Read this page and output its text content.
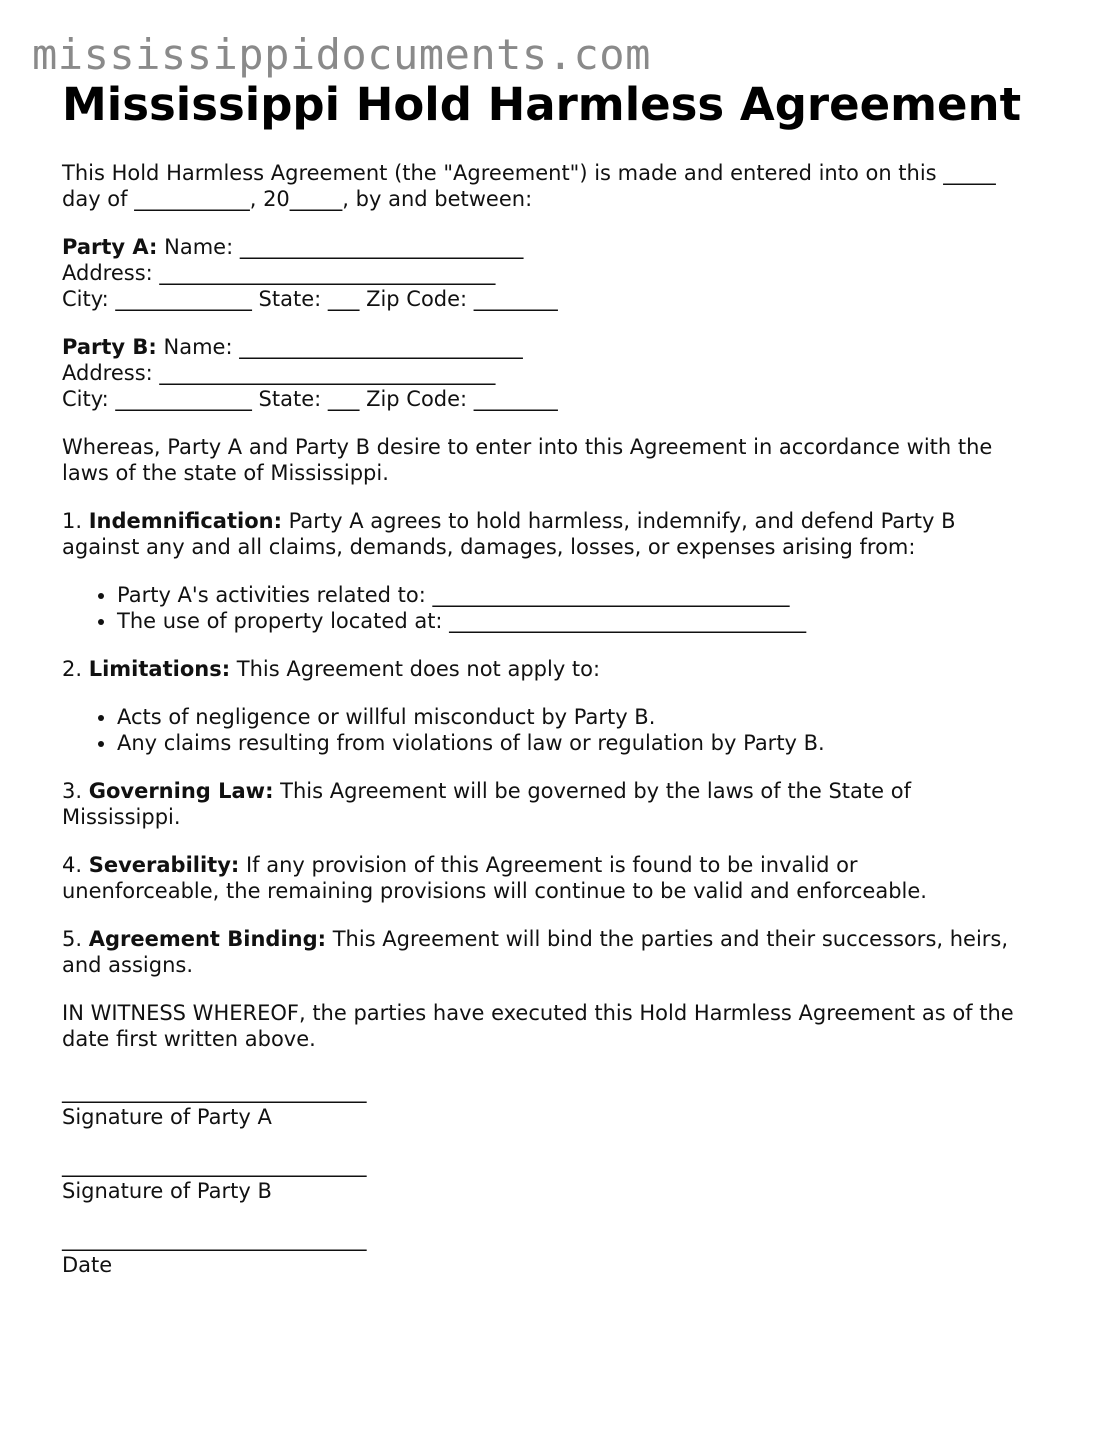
mississippidocuments.com
Mississippi Hold Harmless Agreement

This Hold Harmless Agreement (the "Agreement") is made and entered into on this _____
day of ___________, 20_____, by and between:

Party A: Name: ___________________________
Address: ________________________________
City: _____________ State: ___ Zip Code: ________

Party B: Name: ___________________________
Address: ________________________________
City: _____________ State: ___ Zip Code: ________

Whereas, Party A and Party B desire to enter into this Agreement in accordance with the
laws of the state of Mississippi.

1. Indemnification: Party A agrees to hold harmless, indemnify, and defend Party B
against any and all claims, demands, damages, losses, or expenses arising from:

• Party A's activities related to: __________________________________
• The use of property located at: __________________________________

2. Limitations: This Agreement does not apply to:

• Acts of negligence or willful misconduct by Party B.
• Any claims resulting from violations of law or regulation by Party B.

3. Governing Law: This Agreement will be governed by the laws of the State of
Mississippi.

4. Severability: If any provision of this Agreement is found to be invalid or
unenforceable, the remaining provisions will continue to be valid and enforceable.

5. Agreement Binding: This Agreement will bind the parties and their successors, heirs,
and assigns.

IN WITNESS WHEREOF, the parties have executed this Hold Harmless Agreement as of the
date first written above.

_____________________________
Signature of Party A
_____________________________
Signature of Party B
_____________________________
Date
